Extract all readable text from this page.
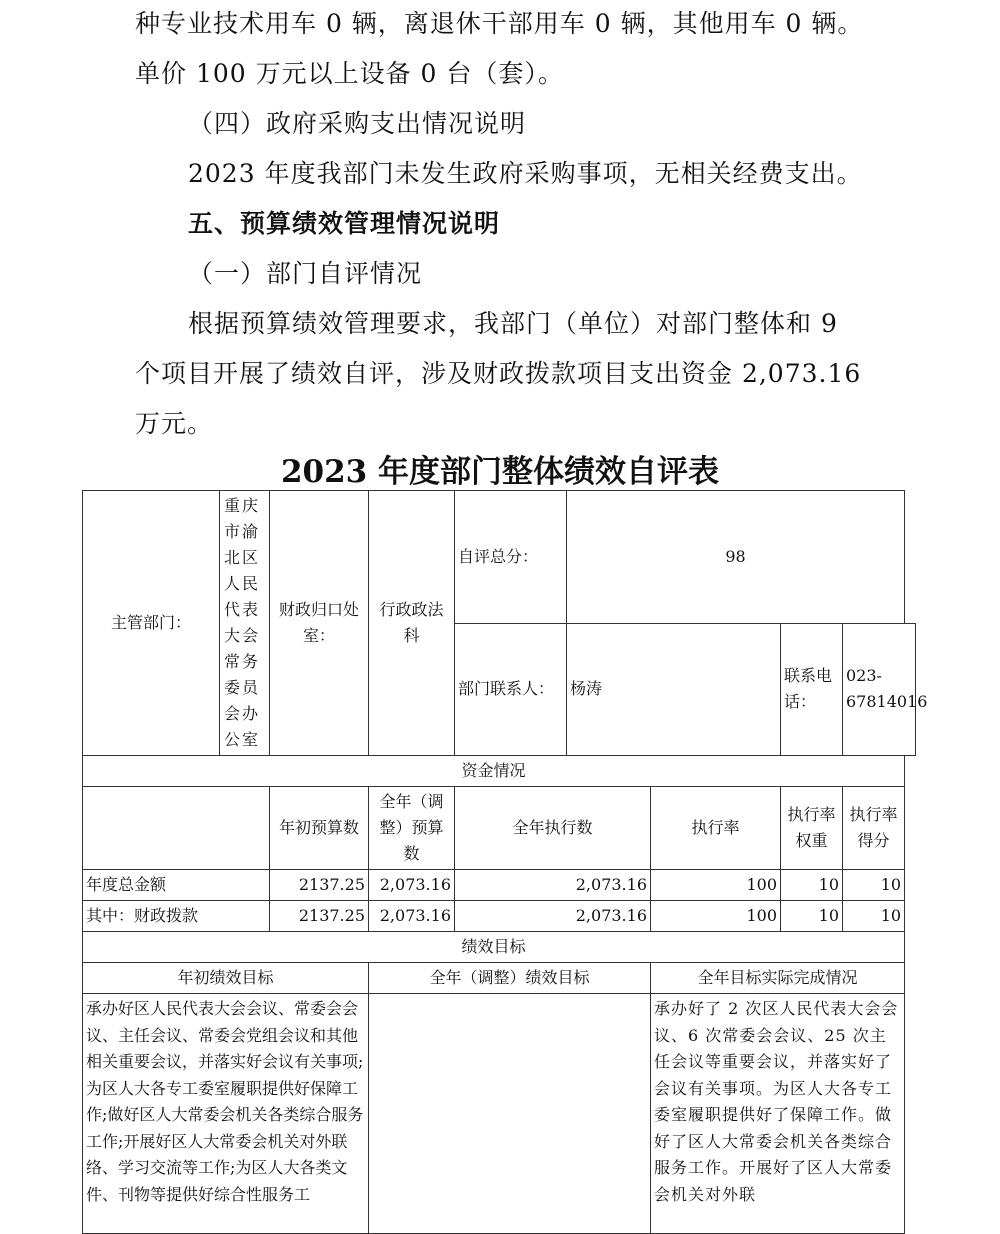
种专业技术用车 0 辆，离退休干部用车 0 辆，其他用车 0 辆。
单价 100 万元以上设备 0 台（套）。
（四）政府采购支出情况说明
2023 年度我部门未发生政府采购事项，无相关经费支出。
五、预算绩效管理情况说明
（一）部门自评情况
根据预算绩效管理要求，我部门（单位）对部门整体和 9
个项目开展了绩效自评，涉及财政拨款项目支出资金 2,073.16
万元。
2023 年度部门整体绩效自评表
主管部门：	重庆市渝北区人民代表大会常务委员会办公室	财政归口处室：	行政政法科	自评总分：	98			
				部门联系人：	杨涛		联系电话：	023-67814016
资金情况								
		年初预算数	全年（调整）预算数	全年执行数		执行率	执行率权重	执行率得分
年度总金额		2137.25	2,073.16	2,073.16		100	10	10
其中：财政拨款		2137.25	2,073.16	2,073.16		100	10	10
绩效目标								
年初绩效目标			全年（调整）绩效目标			全年目标实际完成情况		
承办好区人民代表大会会议、常委会会议、主任会议、常委会党组会议和其他相关重要会议，并落实好会议有关事项;为区人大各专工委室履职提供好保障工作;做好区人大常委会机关各类综合服务工作;开展好区人大常委会机关对外联络、学习交流等工作;为区人大各类文件、刊物等提供好综合性服务工						承办好了 2 次区人民代表大会会议、6 次常委会会议、25 次主任会议等重要会议，并落实好了会议有关事项。为区人大各专工委室履职提供好了保障工作。做好了区人大常委会机关各类综合服务工作。开展好了区人大常委会机关对外联		
